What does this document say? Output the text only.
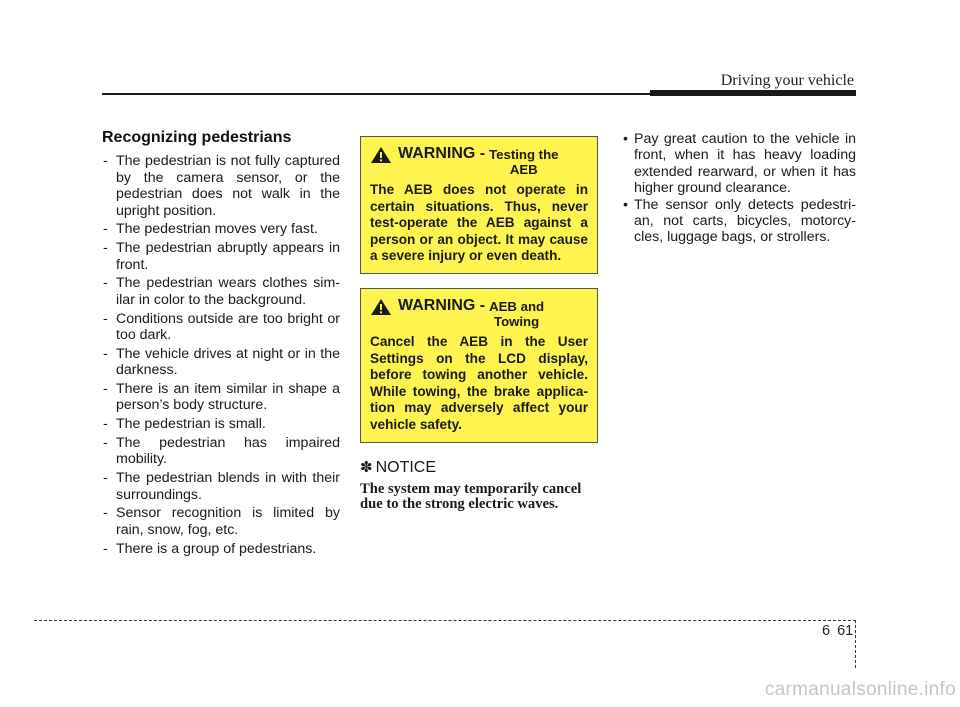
Driving your vehicle
Recognizing pedestrians
- The pedestrian is not fully captured by the camera sensor, or the pedestrian does not walk in the upright position.
- The pedestrian moves very fast.
- The pedestrian abruptly appears in front.
- The pedestrian wears clothes sim-ilar in color to the background.
- Conditions outside are too bright or too dark.
- The vehicle drives at night or in the darkness.
- There is an item similar in shape a person’s body structure.
- The pedestrian is small.
- The pedestrian has impaired mobility.
- The pedestrian blends in with their surroundings.
- Sensor recognition is limited by rain, snow, fog, etc.
- There is a group of pedestrians.
WARNING - Testing the
AEB
The AEB does not operate in certain situations. Thus, never test-operate the AEB against a person or an object. It may cause a severe injury or even death.
WARNING - AEB and
Towing
Cancel the AEB in the User Settings on the LCD display, before towing another vehicle. While towing, the brake applica-tion may adversely affect your vehicle safety.
✽ NOTICE
The system may temporarily cancel due to the strong electric waves.
• Pay great caution to the vehicle in front, when it has heavy loading extended rearward, or when it has higher ground clearance.
• The sensor only detects pedestri-an, not carts, bicycles, motorcy-cles, luggage bags, or strollers.
6 61
carmanualsonline.info
